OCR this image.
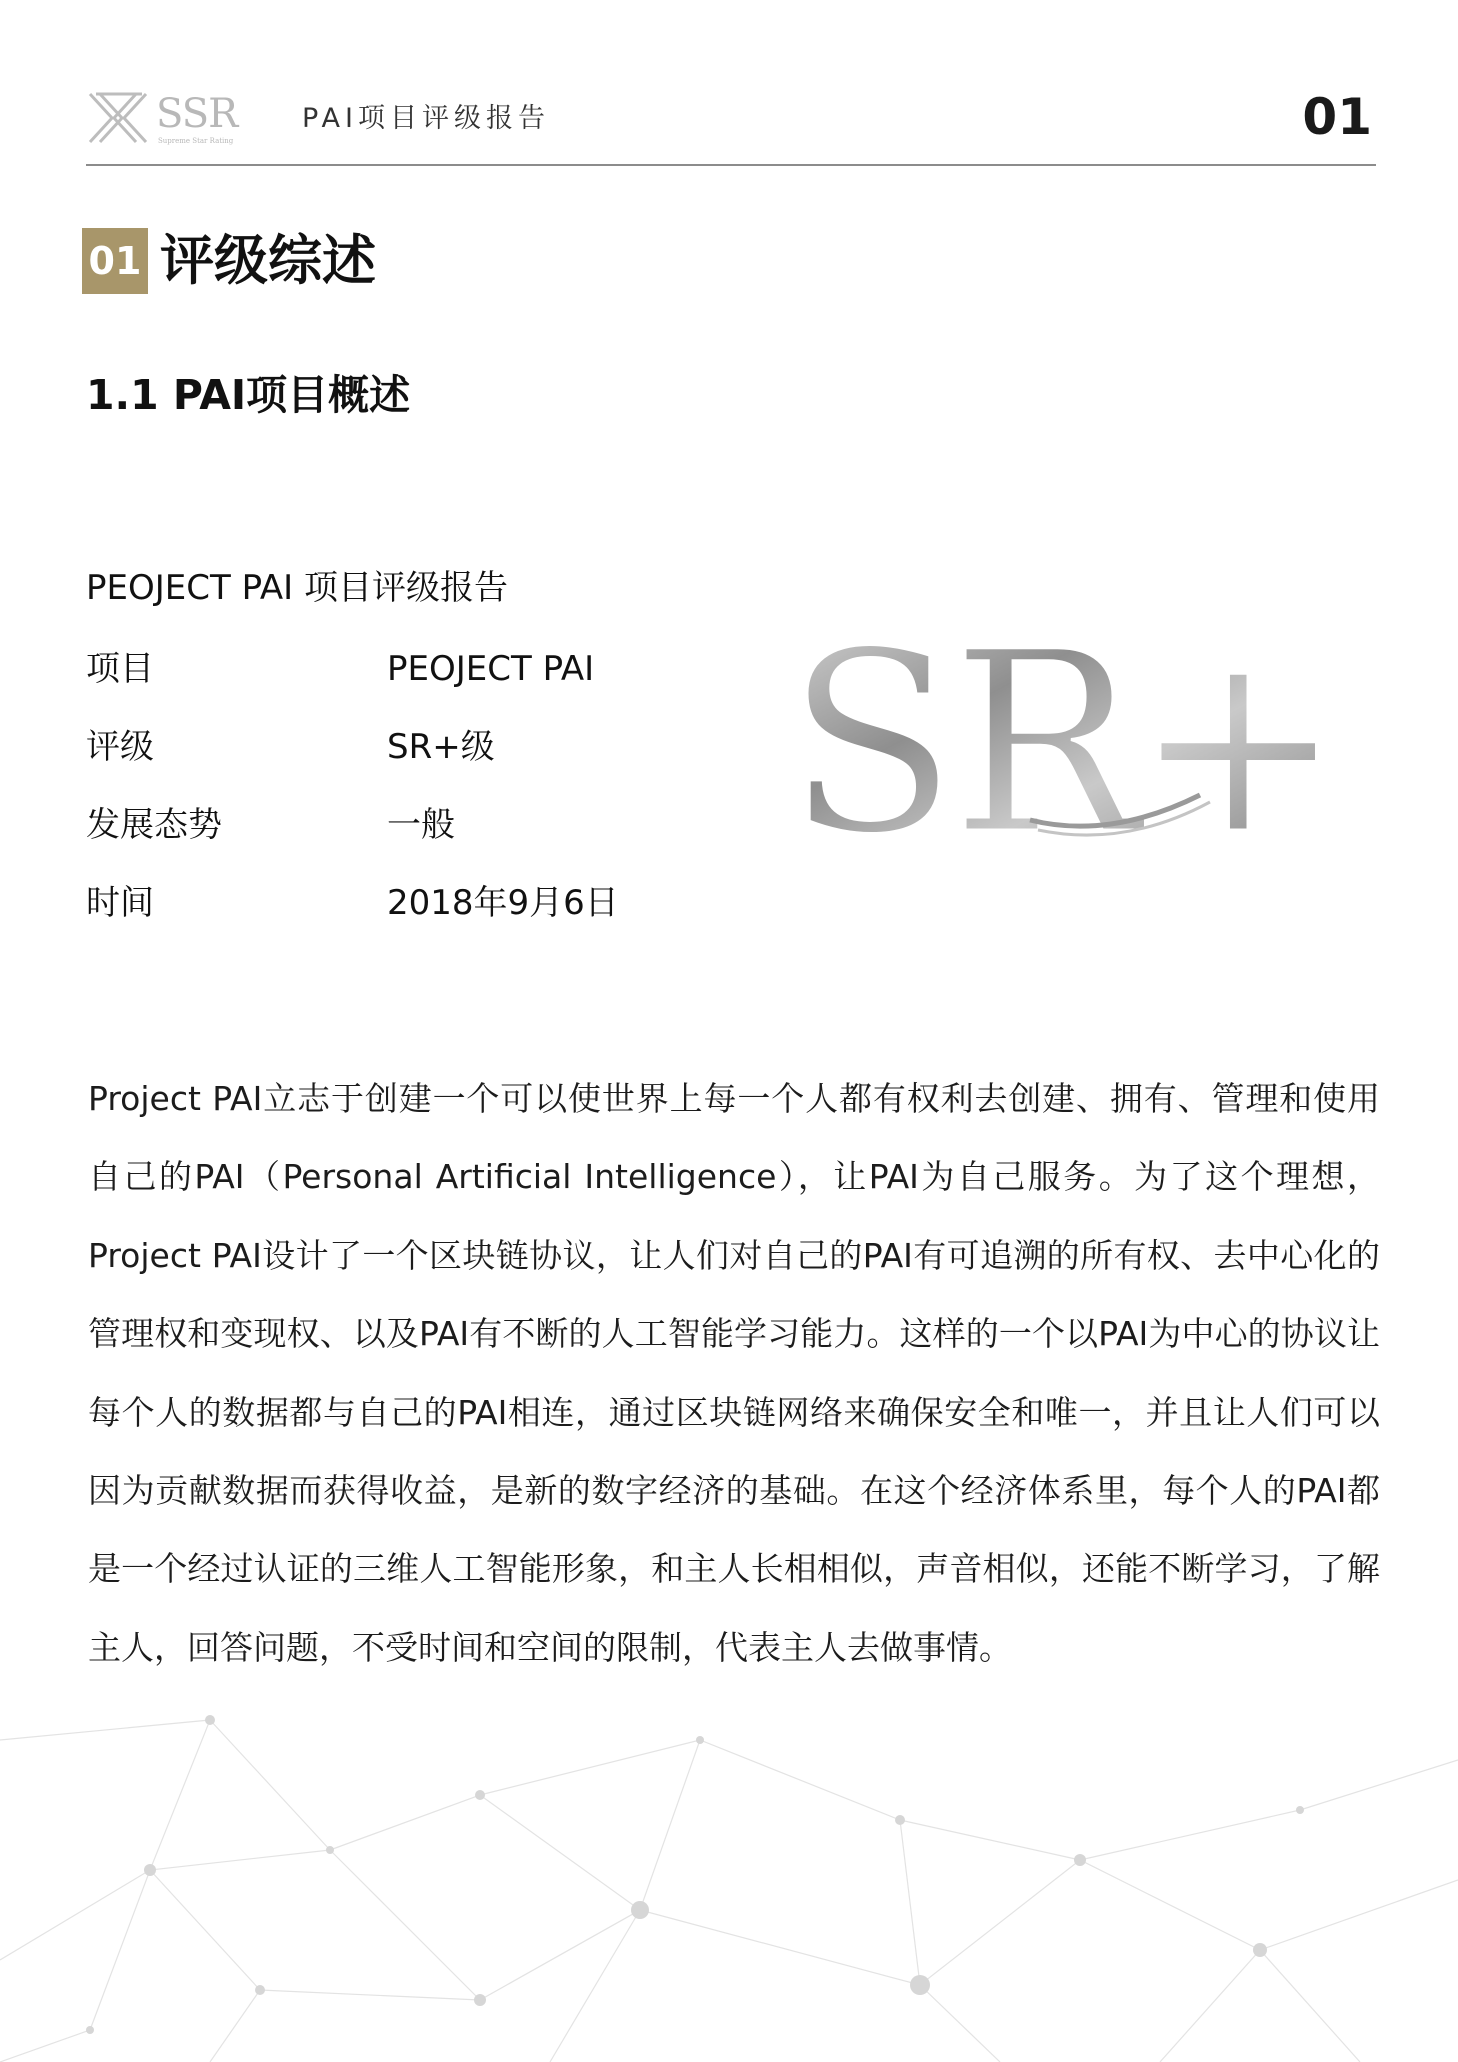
SSR
Supreme Star Rating
PAI项目评级报告	01
01 评级综述
1.1 PAI项目概述
PEOJECT PAI 项目评级报告
项目	PEOJECT PAI
评级	SR+级
发展态势	一般
时间	2018年9月6日
SR+

Project PAI立志于创建一个可以使世界上每一个人都有权利去创建、拥有、管理和使用自己的PAI（Personal Artificial Intelligence），让PAI为自己服务。为了这个理想，Project PAI设计了一个区块链协议，让人们对自己的PAI有可追溯的所有权、去中心化的管理权和变现权、以及PAI有不断的人工智能学习能力。这样的一个以PAI为中心的协议让每个人的数据都与自己的PAI相连，通过区块链网络来确保安全和唯一，并且让人们可以因为贡献数据而获得收益，是新的数字经济的基础。在这个经济体系里，每个人的PAI都是一个经过认证的三维人工智能形象，和主人长相相似，声音相似，还能不断学习，了解主人，回答问题，不受时间和空间的限制，代表主人去做事情。
